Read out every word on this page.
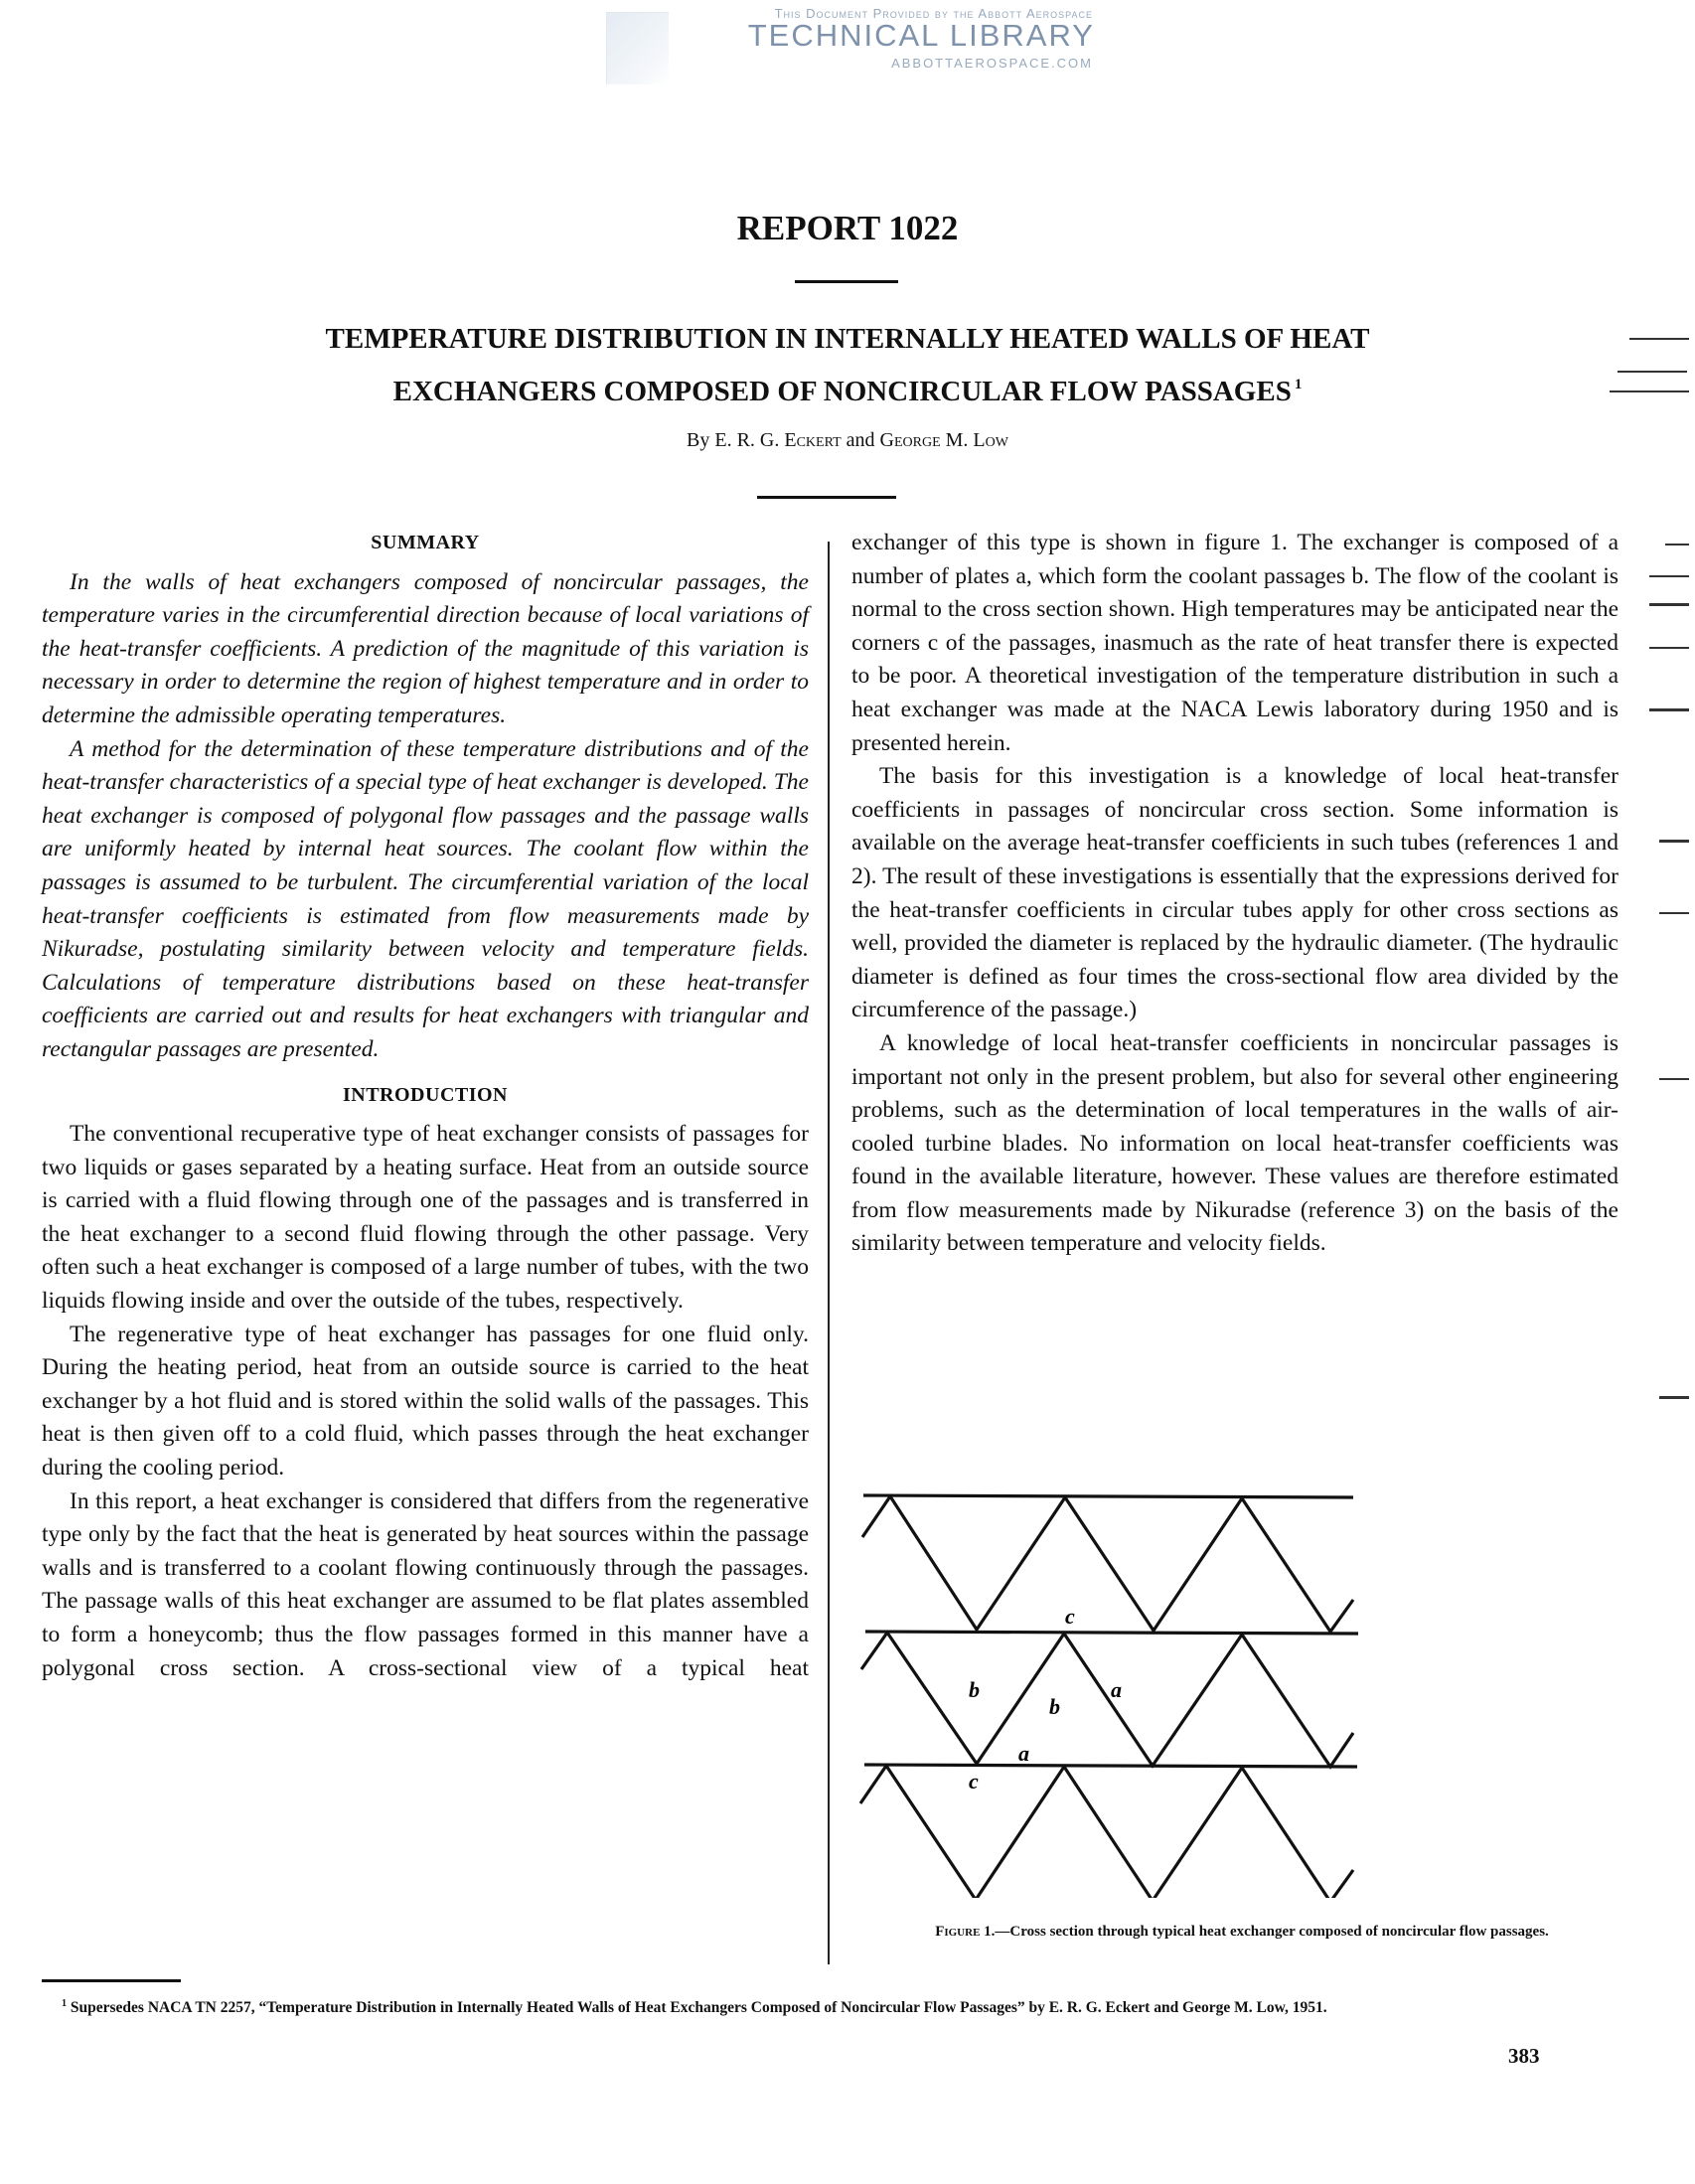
This Document Provided by the Abbott Aerospace
TECHNICAL LIBRARY
ABBOTTAEROSPACE.COM
REPORT 1022
TEMPERATURE DISTRIBUTION IN INTERNALLY HEATED WALLS OF HEAT
EXCHANGERS COMPOSED OF NONCIRCULAR FLOW PASSAGES $^1$
By E. R. G. Eckert and George M. Low
SUMMARY

In the walls of heat exchangers composed of noncircular passages, the temperature varies in the circumferential direction because of local variations of the heat-transfer coefficients. A prediction of the magnitude of this variation is necessary in order to determine the region of highest temperature and in order to determine the admissible operating temperatures.

A method for the determination of these temperature distributions and of the heat-transfer characteristics of a special type of heat exchanger is developed. The heat exchanger is composed of polygonal flow passages and the passage walls are uniformly heated by internal heat sources. The coolant flow within the passages is assumed to be turbulent. The circumferential variation of the local heat-transfer coefficients is estimated from flow measurements made by Nikuradse, postulating similarity between velocity and temperature fields. Calculations of temperature distributions based on these heat-transfer coefficients are carried out and results for heat exchangers with triangular and rectangular passages are presented.

INTRODUCTION

The conventional recuperative type of heat exchanger consists of passages for two liquids or gases separated by a heating surface. Heat from an outside source is carried with a fluid flowing through one of the passages and is transferred in the heat exchanger to a second fluid flowing through the other passage. Very often such a heat exchanger is composed of a large number of tubes, with the two liquids flowing inside and over the outside of the tubes, respectively.

The regenerative type of heat exchanger has passages for one fluid only. During the heating period, heat from an outside source is carried to the heat exchanger by a hot fluid and is stored within the solid walls of the passages. This heat is then given off to a cold fluid, which passes through the heat exchanger during the cooling period.

In this report, a heat exchanger is considered that differs from the regenerative type only by the fact that the heat is generated by heat sources within the passage walls and is transferred to a coolant flowing continuously through the passages. The passage walls of this heat exchanger are assumed to be flat plates assembled to form a honeycomb; thus the flow passages formed in this manner have a polygonal cross section. A cross-sectional view of a typical heat

exchanger of this type is shown in figure 1. The exchanger is composed of a number of plates a, which form the coolant passages b. The flow of the coolant is normal to the cross section shown. High temperatures may be anticipated near the corners c of the passages, inasmuch as the rate of heat transfer there is expected to be poor. A theoretical investigation of the temperature distribution in such a heat exchanger was made at the NACA Lewis laboratory during 1950 and is presented herein.

The basis for this investigation is a knowledge of local heat-transfer coefficients in passages of noncircular cross section. Some information is available on the average heat-transfer coefficients in such tubes (references 1 and 2). The result of these investigations is essentially that the expressions derived for the heat-transfer coefficients in circular tubes apply for other cross sections as well, provided the diameter is replaced by the hydraulic diameter. (The hydraulic diameter is defined as four times the cross-sectional flow area divided by the circumference of the passage.)

A knowledge of local heat-transfer coefficients in noncircular passages is important not only in the present problem, but also for several other engineering problems, such as the determination of local temperatures in the walls of air-cooled turbine blades. No information on local heat-transfer coefficients was found in the available literature, however. These values are therefore estimated from flow measurements made by Nikuradse (reference 3) on the basis of the similarity between temperature and velocity fields.

c
b
b
a
a
c
Figure 1.—Cross section through typical heat exchanger composed of noncircular flow passages.
$^1$ Supersedes NACA TN 2257, “Temperature Distribution in Internally Heated Walls of Heat Exchangers Composed of Noncircular Flow Passages” by E. R. G. Eckert and George M. Low, 1951.
383
